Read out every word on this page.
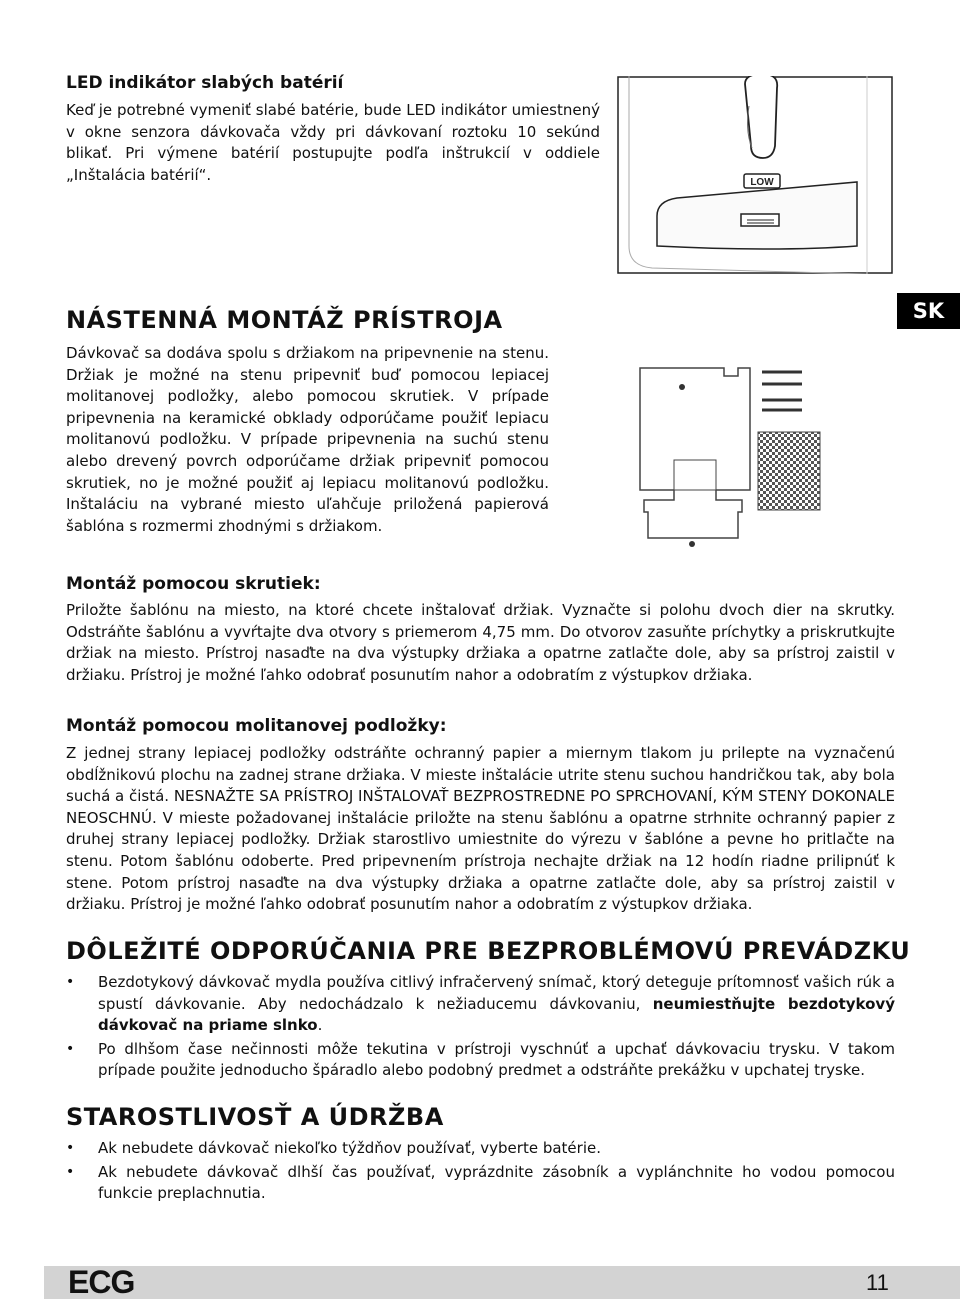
LED indikátor slabých batérií

Keď je potrebné vymeniť slabé batérie, bude LED indikátor umiestnený v okne senzora dávkovača vždy pri dávkovaní roztoku 10 sekúnd blikať. Pri výmene batérií postupujte podľa inštrukcií v oddiele „Inštalácia batérií“.	LOW
SK
NÁSTENNÁ MONTÁŽ PRÍSTROJA

Dávkovač sa dodáva spolu s držiakom na pripevnenie na stenu. Držiak je možné na stenu pripevniť buď pomocou lepiacej molitanovej podložky, alebo pomocou skrutiek. V prípade pripevnenia na keramické obklady odporúčame použiť lepiacu molitanovú podložku. V prípade pripevnenia na suchú stenu alebo drevený povrch odporúčame držiak pripevniť pomocou skrutiek, no je možné použiť aj lepiacu molitanovú podložku. Inštaláciu na vybrané miesto uľahčuje priložená papierová šablóna s rozmermi zhodnými s držiakom.

Montáž pomocou skrutiek:

Priložte šablónu na miesto, na ktoré chcete inštalovať držiak. Vyznačte si polohu dvoch dier na skrutky. Odstráňte šablónu a vyvŕtajte dva otvory s priemerom 4,75 mm. Do otvorov zasuňte príchytky a priskrutkujte držiak na miesto. Prístroj nasaďte na dva výstupky držiaka a opatrne zatlačte dole, aby sa prístroj zaistil v držiaku. Prístroj je možné ľahko odobrať posunutím nahor a odobratím z výstupkov držiaka.

Montáž pomocou molitanovej podložky:

Z jednej strany lepiacej podložky odstráňte ochranný papier a miernym tlakom ju prilepte na vyznačenú obdĺžnikovú plochu na zadnej strane držiaka. V mieste inštalácie utrite stenu suchou handričkou tak, aby bola suchá a čistá. NESNAŽTE SA PRÍSTROJ INŠTALOVAŤ BEZPROSTREDNE PO SPRCHOVANÍ, KÝM STENY DOKONALE NEOSCHNÚ. V mieste požadovanej inštalácie priložte na stenu šablónu a opatrne strhnite ochranný papier z druhej strany lepiacej podložky. Držiak starostlivo umiestnite do výrezu v šablóne a pevne ho pritlačte na stenu. Potom šablónu odoberte. Pred pripevnením prístroja nechajte držiak na 12 hodín riadne prilipnúť k stene. Potom prístroj nasaďte na dva výstupky držiaka a opatrne zatlačte dole, aby sa prístroj zaistil v držiaku. Prístroj je možné ľahko odobrať posunutím nahor a odobratím z výstupkov držiaka.

DÔLEŽITÉ ODPORÚČANIA PRE BEZPROBLÉMOVÚ PREVÁDZKU
• Bezdotykový dávkovač mydla používa citlivý infračervený snímač, ktorý deteguje prítomnosť vašich rúk a spustí dávkovanie. Aby nedochádzalo k nežiaducemu dávkovaniu, neumiestňujte bezdotykový dávkovač na priame slnko.
• Po dlhšom čase nečinnosti môže tekutina v prístroji vyschnúť a upchať dávkovaciu trysku. V takom prípade použite jednoducho špáradlo alebo podobný predmet a odstráňte prekážku v upchatej tryske.
STAROSTLIVOSŤ A ÚDRŽBA
• Ak nebudete dávkovač niekoľko týždňov používať, vyberte batérie.
• Ak nebudete dávkovač dlhší čas používať, vyprázdnite zásobník a vyplánchnite ho vodou pomocou funkcie preplachnutia.
ECG	11
